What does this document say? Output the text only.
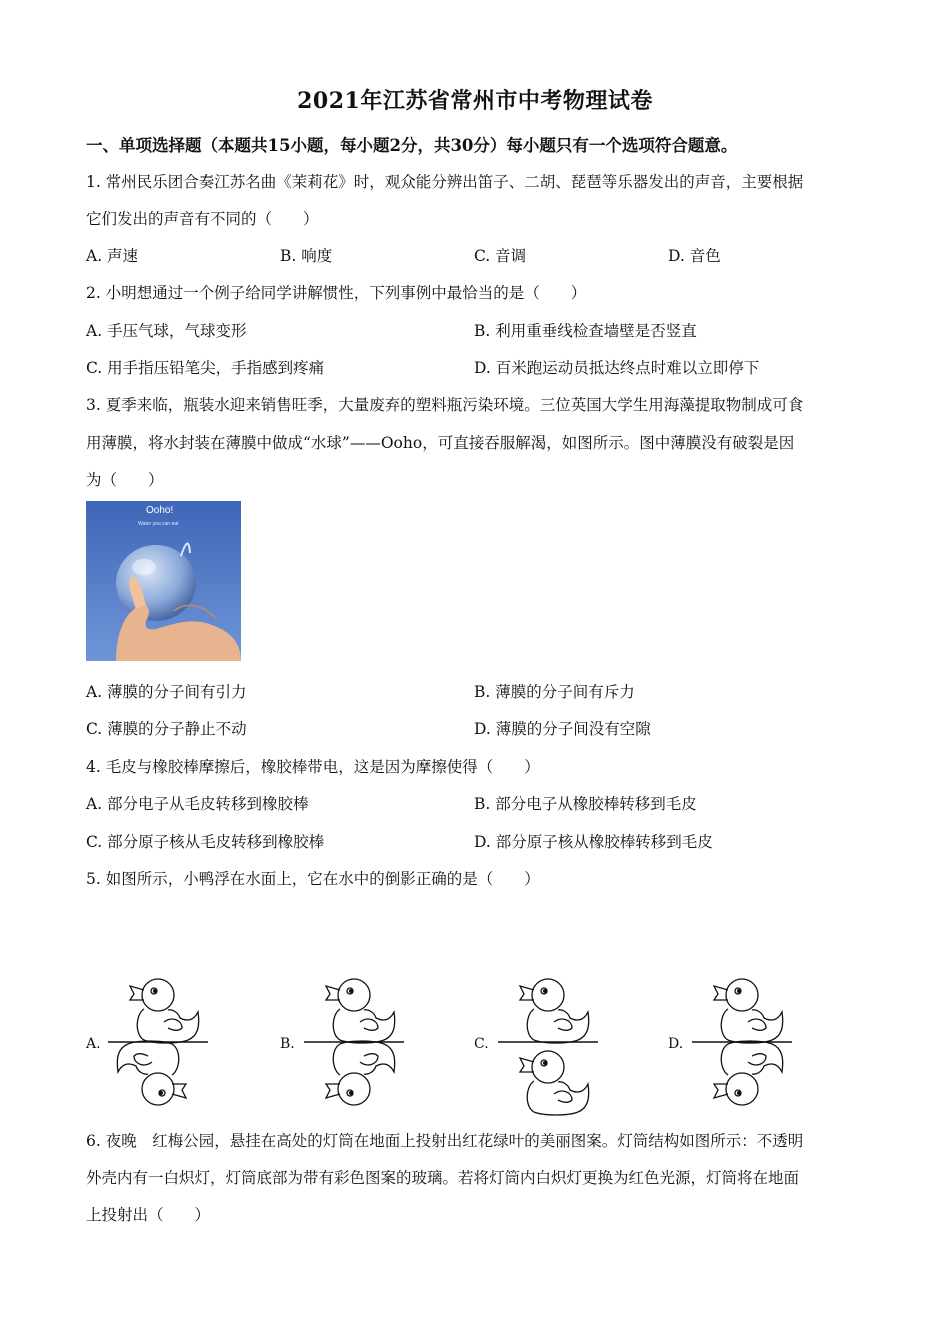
2021年江苏省常州市中考物理试卷
一、单项选择题（本题共15小题，每小题2分，共30分）每小题只有一个选项符合题意。
1. 常州民乐团合奏江苏名曲《茉莉花》时，观众能分辨出笛子、二胡、琵琶等乐器发出的声音，主要根据
它们发出的声音有不同的（　　）
A. 声速	B. 响度	C. 音调	D. 音色
2. 小明想通过一个例子给同学讲解惯性，下列事例中最恰当的是（　　）
A. 手压气球，气球变形	B. 利用重垂线检查墙壁是否竖直
C. 用手指压铅笔尖，手指感到疼痛	D. 百米跑运动员抵达终点时难以立即停下
3. 夏季来临，瓶装水迎来销售旺季，大量废弃的塑料瓶污染环境。三位英国大学生用海藻提取物制成可食
用薄膜，将水封装在薄膜中做成“水球”——Ooho，可直接吞服解渴，如图所示。图中薄膜没有破裂是因
为（　　）
Ooho!
Water you can eat
A. 薄膜的分子间有引力	B. 薄膜的分子间有斥力
C. 薄膜的分子静止不动	D. 薄膜的分子间没有空隙
4. 毛皮与橡胶棒摩擦后，橡胶棒带电，这是因为摩擦使得（　　）
A. 部分电子从毛皮转移到橡胶棒	B. 部分电子从橡胶棒转移到毛皮
C. 部分原子核从毛皮转移到橡胶棒	D. 部分原子核从橡胶棒转移到毛皮
5. 如图所示，小鸭浮在水面上，它在水中的倒影正确的是（　　）
A.	B.	C.	D.
6. 夜晚　红梅公园，悬挂在高处的灯筒在地面上投射出红花绿叶的美丽图案。灯筒结构如图所示：不透明
外壳内有一白炽灯，灯筒底部为带有彩色图案的玻璃。若将灯筒内白炽灯更换为红色光源，灯筒将在地面
上投射出（　　）
